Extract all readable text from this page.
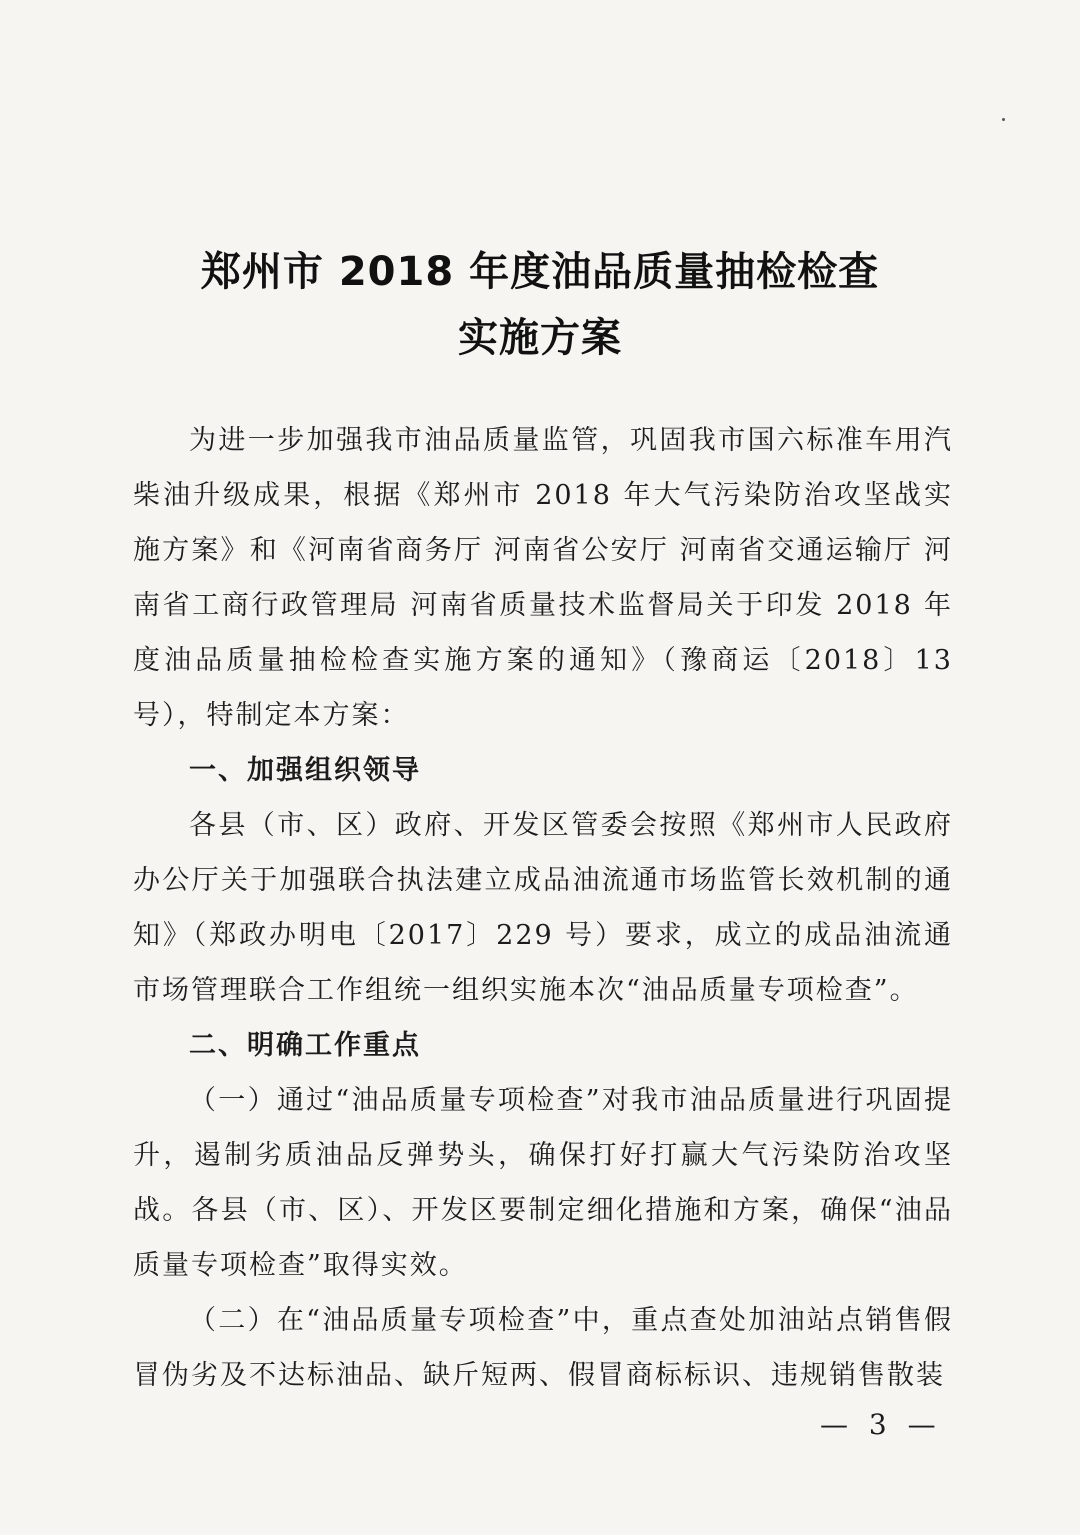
郑州市 2018 年度油品质量抽检检查
实施方案

为进一步加强我市油品质量监管，巩固我市国六标准车用汽柴油升级成果，根据《郑州市 2018 年大气污染防治攻坚战实施方案》和《河南省商务厅 河南省公安厅 河南省交通运输厅 河南省工商行政管理局 河南省质量技术监督局关于印发 2018 年度油品质量抽检检查实施方案的通知》（豫商运〔2018〕13 号），特制定本方案：

一、加强组织领导

各县（市、区）政府、开发区管委会按照《郑州市人民政府办公厅关于加强联合执法建立成品油流通市场监管长效机制的通知》（郑政办明电〔2017〕229 号）要求，成立的成品油流通市场管理联合工作组统一组织实施本次“油品质量专项检查”。

二、明确工作重点

（一）通过“油品质量专项检查”对我市油品质量进行巩固提升，遏制劣质油品反弹势头，确保打好打赢大气污染防治攻坚战。各县（市、区）、开发区要制定细化措施和方案，确保“油品质量专项检查”取得实效。

（二）在“油品质量专项检查”中，重点查处加油站点销售假冒伪劣及不达标油品、缺斤短两、假冒商标标识、违规销售散装

— 3 —
